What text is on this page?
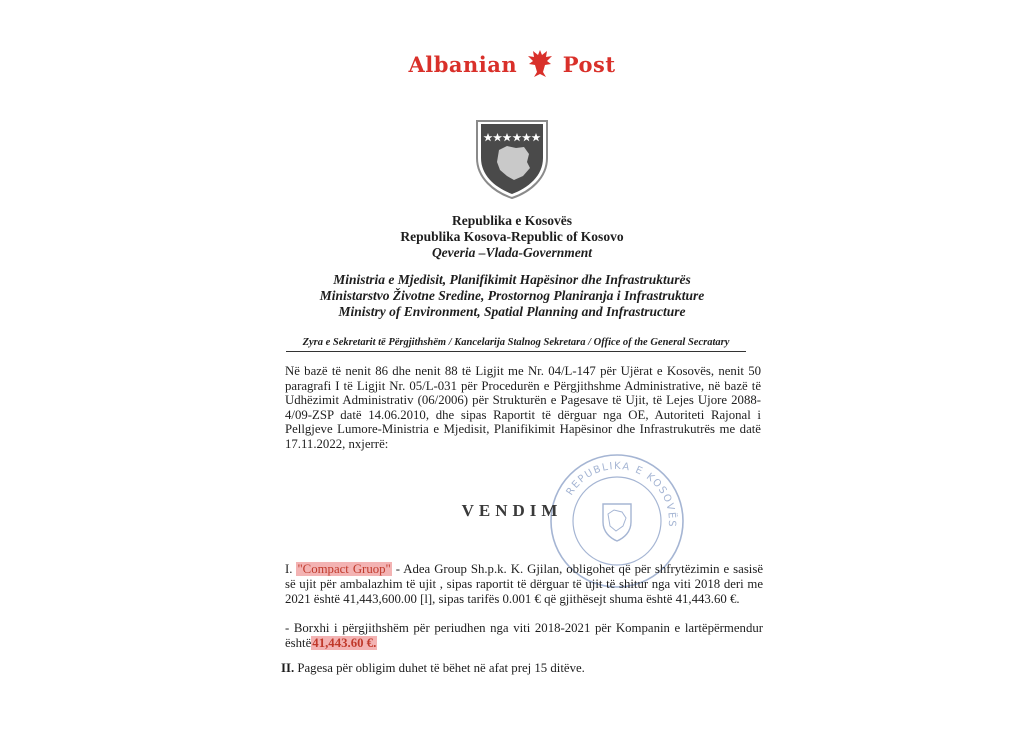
Albanian Post
Republika e Kosovës
Republika Kosova-Republic of Kosovo
Qeveria –Vlada-Government
Ministria e Mjedisit, Planifikimit Hapësinor dhe Infrastrukturës
Ministarstvo Životne Sredine, Prostornog Planiranja i Infrastrukture
Ministry of Environment, Spatial Planning and Infrastructure
Zyra e Sekretarit të Përgjithshëm / Kancelarija Stalnog Sekretara / Office of the General Secratary
Në bazë të nenit 86 dhe nenit 88 të Ligjit me Nr. 04/L-147 për Ujërat e Kosovës, nenit 50 paragrafi I të Ligjit Nr. 05/L-031 për Procedurën e Përgjithshme Administrative, në bazë të Udhëzimit Administrativ (06/2006) për Strukturën e Pagesave të Ujit, të Lejes Ujore 2088-4/09-ZSP datë 14.06.2010, dhe sipas Raportit të dërguar nga OE, Autoriteti Rajonal i Pellgjeve Lumore-Ministria e Mjedisit, Planifikimit Hapësinor dhe Infrastrukutrës me datë 17.11.2022, nxjerrë:
REPUBLIKA E KOSOVËS
VENDIM
I. "Compact Gruop" - Adea Group Sh.p.k. K. Gjilan, obligohet që për shfrytëzimin e sasisë së ujit për ambalazhim të ujit , sipas raportit të dërguar të ujit të shitur nga viti 2018 deri me 2021 është 41,443,600.00 [l], sipas tarifës 0.001 € që gjithësejt shuma është 41,443.60 €.
- Borxhi i përgjithshëm për periudhen nga viti 2018-2021 për Kompanin e lartëpërmendur është41,443.60 €.
II. Pagesa për obligim duhet të bëhet në afat prej 15 ditëve.
